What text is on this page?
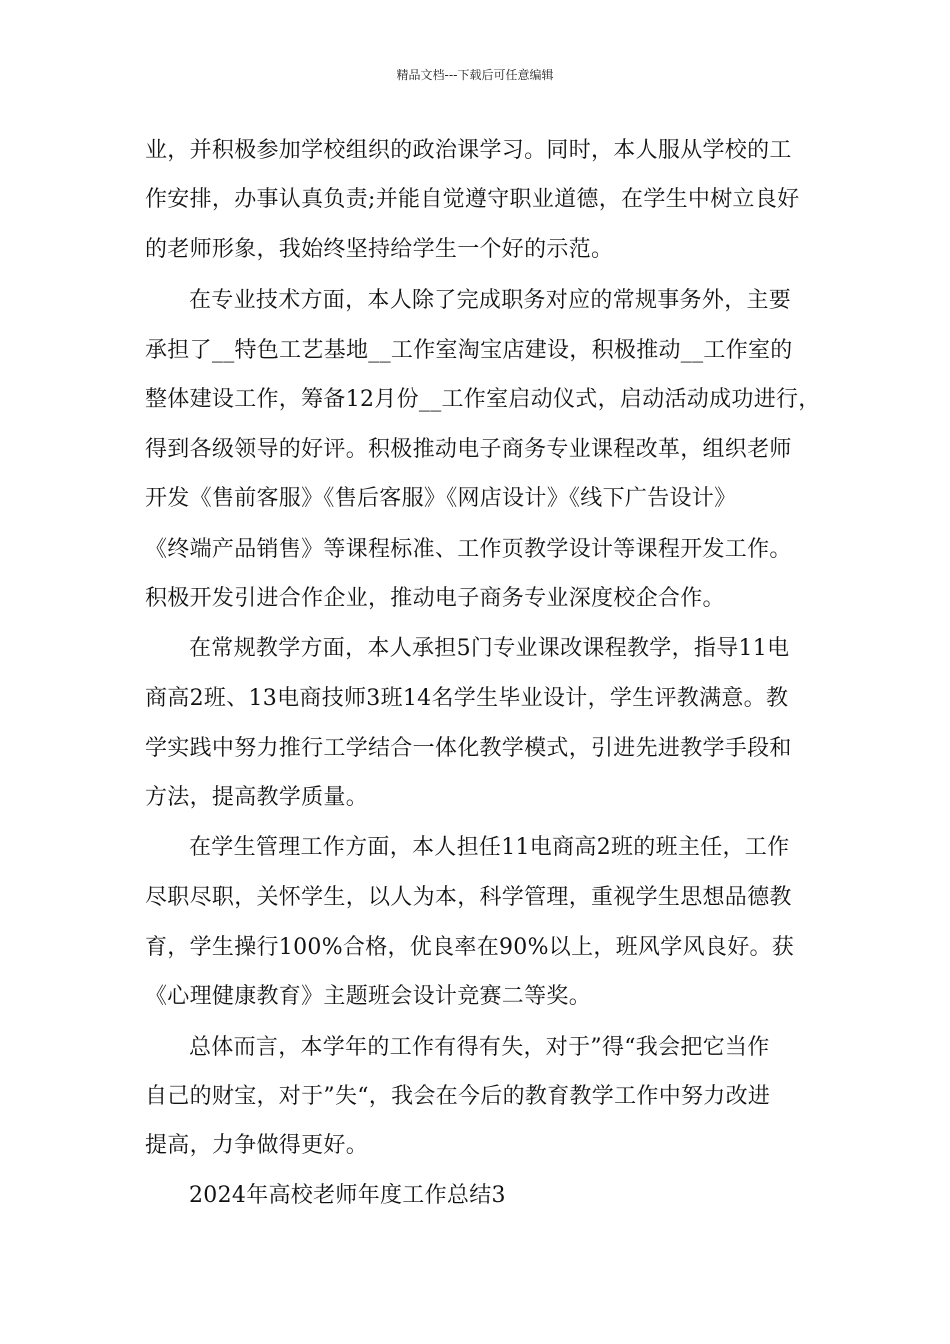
精品文档---下载后可任意编辑
业，并积极参加学校组织的政治课学习。同时，本人服从学校的工
作安排，办事认真负责;并能自觉遵守职业道德，在学生中树立良好
的老师形象，我始终坚持给学生一个好的示范。
在专业技术方面，本人除了完成职务对应的常规事务外，主要
承担了__特色工艺基地__工作室淘宝店建设，积极推动__工作室的
整体建设工作，筹备12月份__工作室启动仪式，启动活动成功进行，
得到各级领导的好评。积极推动电子商务专业课程改革，组织老师
开发《售前客服》《售后客服》《网店设计》《线下广告设计》
《终端产品销售》等课程标准、工作页教学设计等课程开发工作。
积极开发引进合作企业，推动电子商务专业深度校企合作。
在常规教学方面，本人承担5门专业课改课程教学，指导11电
商高2班、13电商技师3班14名学生毕业设计，学生评教满意。教
学实践中努力推行工学结合一体化教学模式，引进先进教学手段和
方法，提高教学质量。
在学生管理工作方面，本人担任11电商高2班的班主任，工作
尽职尽职，关怀学生，以人为本，科学管理，重视学生思想品德教
育，学生操行100%合格，优良率在90%以上，班风学风良好。获
《心理健康教育》主题班会设计竞赛二等奖。
总体而言，本学年的工作有得有失，对于”得“我会把它当作
自己的财宝，对于”失“，我会在今后的教育教学工作中努力改进
提高，力争做得更好。
2024年高校老师年度工作总结3
